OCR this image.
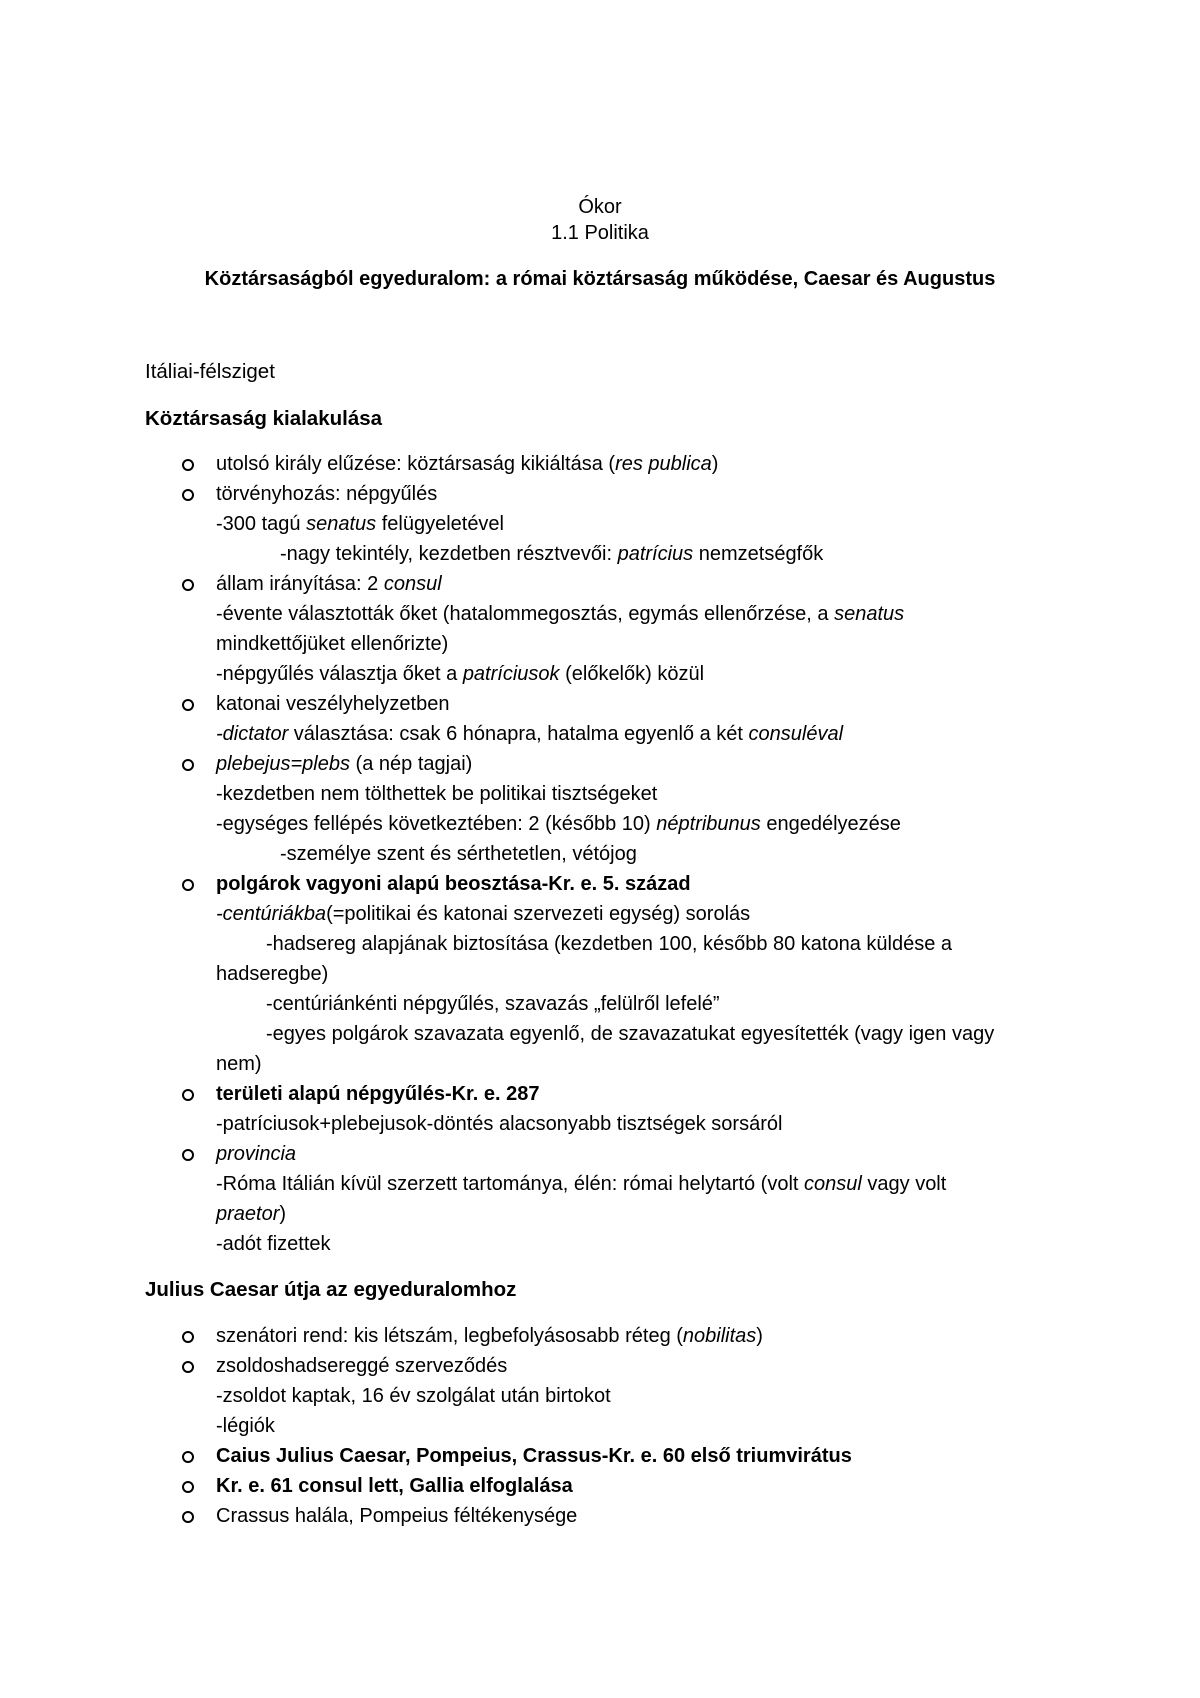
Ókor
1.1 Politika
Köztársaságból egyeduralom: a római köztársaság működése, Caesar és Augustus
Itáliai-félsziget
Köztársaság kialakulása
utolsó király elűzése: köztársaság kikiáltása (res publica)
törvényhozás: népgyűlés
-300 tagú senatus felügyeletével
-nagy tekintély, kezdetben résztvevői: patrícius nemzetségfők
állam irányítása: 2 consul
-évente választották őket (hatalommegosztás, egymás ellenőrzése, a senatus
mindkettőjüket ellenőrizte)
-népgyűlés választja őket a patríciusok (előkelők) közül
katonai veszélyhelyzetben
-dictator választása: csak 6 hónapra, hatalma egyenlő a két consuléval
plebejus=plebs (a nép tagjai)
-kezdetben nem tölthettek be politikai tisztségeket
-egységes fellépés következtében: 2 (később 10) néptribunus engedélyezése
-személye szent és sérthetetlen, vétójog
polgárok vagyoni alapú beosztása-Kr. e. 5. század
-centúriákba(=politikai és katonai szervezeti egység) sorolás
-hadsereg alapjának biztosítása (kezdetben 100, később 80 katona küldése a
hadseregbe)
-centúriánkénti népgyűlés, szavazás „felülről lefelé”
-egyes polgárok szavazata egyenlő, de szavazatukat egyesítették (vagy igen vagy
nem)
területi alapú népgyűlés-Kr. e. 287
-patríciusok+plebejusok-döntés alacsonyabb tisztségek sorsáról
provincia
-Róma Itálián kívül szerzett tartománya, élén: római helytartó (volt consul vagy volt
praetor)
-adót fizettek
Julius Caesar útja az egyeduralomhoz
szenátori rend: kis létszám, legbefolyásosabb réteg (nobilitas)
zsoldoshadsereggé szerveződés
-zsoldot kaptak, 16 év szolgálat után birtokot
-légiók
Caius Julius Caesar, Pompeius, Crassus-Kr. e. 60 első triumvirátus
Kr. e. 61 consul lett, Gallia elfoglalása
Crassus halála, Pompeius féltékenysége
